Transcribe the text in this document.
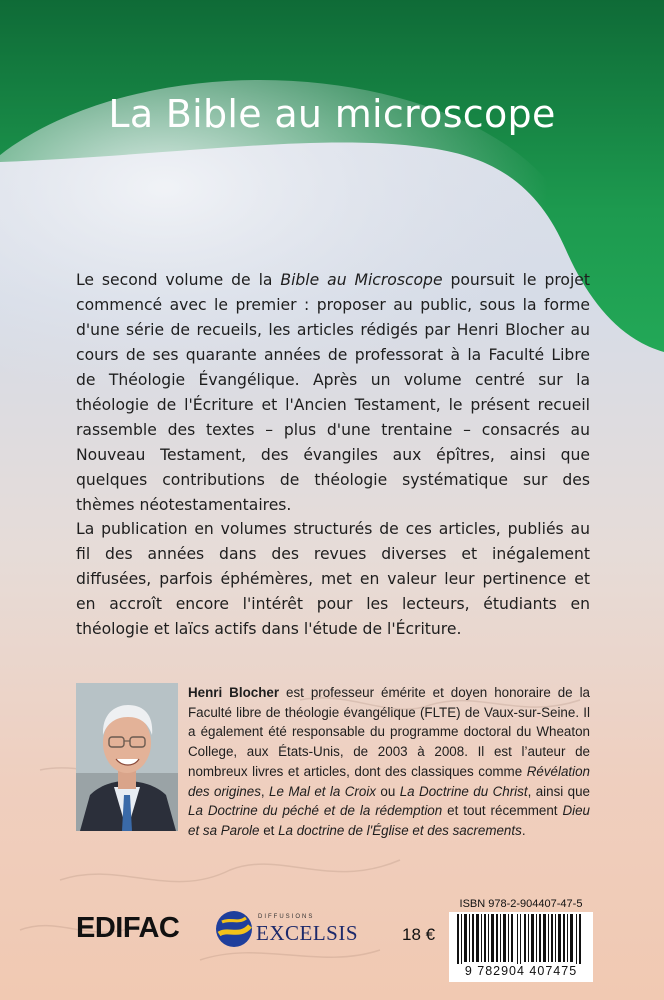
La Bible au microscope
Le second volume de la Bible au Microscope poursuit le projet commencé avec le premier : proposer au public, sous la forme d'une série de recueils, les articles rédigés par Henri Blocher au cours de ses quarante années de professorat à la Faculté Libre de Théologie Évangélique. Après un volume centré sur la théologie de l'Écriture et l'Ancien Testament, le présent recueil rassemble des textes – plus d'une trentaine – consacrés au Nouveau Testament, des évangiles aux épîtres, ainsi que quelques contributions de théologie systématique sur des thèmes néotestamentaires.
La publication en volumes structurés de ces articles, publiés au fil des années dans des revues diverses et inégalement diffusées, parfois éphémères, met en valeur leur pertinence et en accroît encore l'intérêt pour les lecteurs, étudiants en théologie et laïcs actifs dans l'étude de l'Écriture.
Henri Blocher est professeur émérite et doyen honoraire de la Faculté libre de théologie évangélique (FLTE) de Vaux-sur-Seine. Il a également été responsable du programme doctoral du Wheaton College, aux États-Unis, de 2003 à 2008. Il est l’auteur de nombreux livres et articles, dont des classiques comme Révélation des origines, Le Mal et la Croix ou La Doctrine du Christ, ainsi que La Doctrine du péché et de la rédemption et tout récemment Dieu et sa Parole et La doctrine de l'Église et des sacrements.
EDIFAC	DIFFUSIONS
EXCELSIS	18 €
ISBN 978-2-904407-47-5
9 782904 407475
